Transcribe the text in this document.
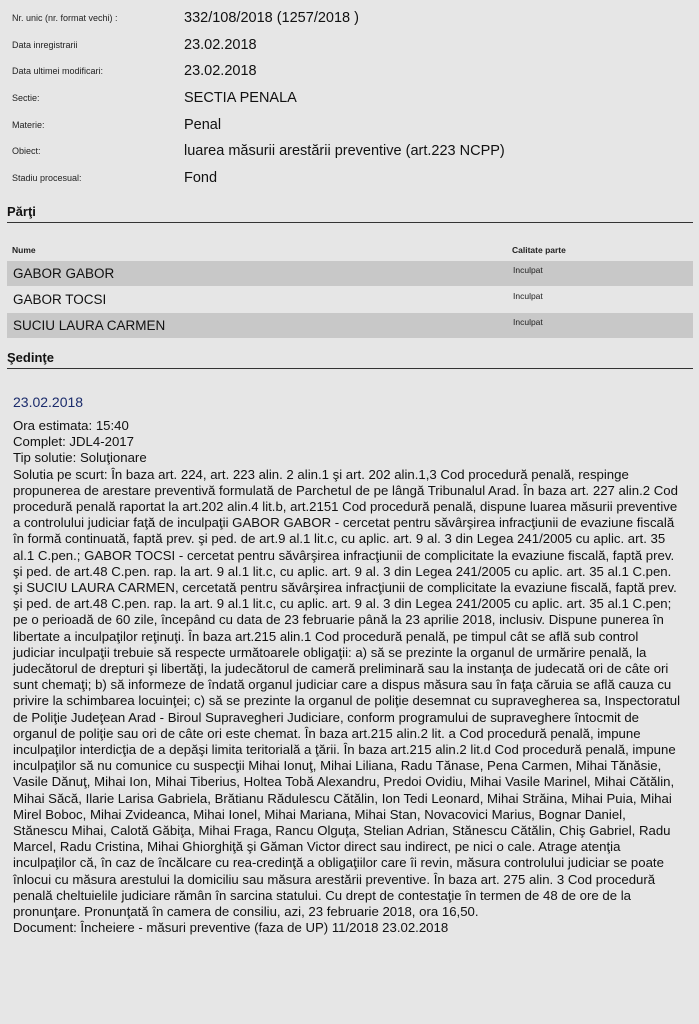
Nr. unic (nr. format vechi) :	332/108/2018 (1257/2018 )
Data inregistrarii	23.02.2018
Data ultimei modificari:	23.02.2018
Sectie:	SECTIA PENALA
Materie:	Penal
Obiect:	luarea măsurii arestării preventive (art.223 NCPP)
Stadiu procesual:	Fond
Părţi
Nume	Calitate parte
GABOR GABOR	Inculpat
GABOR TOCSI	Inculpat
SUCIU LAURA CARMEN	Inculpat
Şedinţe
23.02.2018

Ora estimata: 15:40

Complet: JDL4-2017

Tip solutie: Soluţionare

Solutia pe scurt: În baza art. 224, art. 223 alin. 2 alin.1 şi art. 202 alin.1,3 Cod procedură penală, respinge propunerea de arestare preventivă formulată de Parchetul de pe lângă Tribunalul Arad. În baza art. 227 alin.2 Cod procedură penală raportat la art.202 alin.4 lit.b, art.2151 Cod procedură penală, dispune luarea măsurii preventive a controlului judiciar faţă de inculpaţii GABOR GABOR - cercetat pentru săvârşirea infracţiunii de evaziune fiscală în formă continuată, faptă prev. şi ped. de art.9 al.1 lit.c, cu aplic. art. 9 al. 3 din Legea 241/2005 cu aplic. art. 35 al.1 C.pen.; GABOR TOCSI - cercetat pentru săvârşirea infracţiunii de complicitate la evaziune fiscală, faptă prev. şi ped. de art.48 C.pen. rap. la art. 9 al.1 lit.c, cu aplic. art. 9 al. 3 din Legea 241/2005 cu aplic. art. 35 al.1 C.pen. şi SUCIU LAURA CARMEN, cercetată pentru săvârşirea infracţiunii de complicitate la evaziune fiscală, faptă prev. şi ped. de art.48 C.pen. rap. la art. 9 al.1 lit.c, cu aplic. art. 9 al. 3 din Legea 241/2005 cu aplic. art. 35 al.1 C.pen; pe o perioadă de 60 zile, începând cu data de 23 februarie până la 23 aprilie 2018, inclusiv. Dispune punerea în libertate a inculpaţilor reţinuţi. În baza art.215 alin.1 Cod procedură penală, pe timpul cât se află sub control judiciar inculpaţii trebuie să respecte următoarele obligaţii: a) să se prezinte la organul de urmărire penală, la judecătorul de drepturi şi libertăţi, la judecătorul de cameră preliminară sau la instanţa de judecată ori de câte ori sunt chemaţi; b) să informeze de îndată organul judiciar care a dispus măsura sau în faţa căruia se află cauza cu privire la schimbarea locuinţei; c) să se prezinte la organul de poliţie desemnat cu supravegherea sa, Inspectoratul de Poliţie Judeţean Arad - Biroul Supravegheri Judiciare, conform programului de supraveghere întocmit de organul de poliţie sau ori de câte ori este chemat. În baza art.215 alin.2 lit. a Cod procedură penală, impune inculpaţilor interdicţia de a depăşi limita teritorială a ţării. În baza art.215 alin.2 lit.d Cod procedură penală, impune inculpaţilor să nu comunice cu suspecţii Mihai Ionuţ, Mihai Liliana, Radu Tănase, Pena Carmen, Mihai Tănăsie, Vasile Dănuţ, Mihai Ion, Mihai Tiberius, Holtea Tobă Alexandru, Predoi Ovidiu, Mihai Vasile Marinel, Mihai Cătălin, Mihai Săcă, Ilarie Larisa Gabriela, Brătianu Rădulescu Cătălin, Ion Tedi Leonard, Mihai Străina, Mihai Puia, Mihai Mirel Boboc, Mihai Zvideanca, Mihai Ionel, Mihai Mariana, Mihai Stan, Novacovici Marius, Bognar Daniel, Stănescu Mihai, Calotă Găbiţa, Mihai Fraga, Rancu Olguţa, Stelian Adrian, Stănescu Cătălin, Chiş Gabriel, Radu Marcel, Radu Cristina, Mihai Ghiorghiţă şi Găman Victor direct sau indirect, pe nici o cale. Atrage atenţia inculpaţilor că, în caz de încălcare cu rea-credinţă a obligaţiilor care îi revin, măsura controlului judiciar se poate înlocui cu măsura arestului la domiciliu sau măsura arestării preventive. În baza art. 275 alin. 3 Cod procedură penală cheltuielile judiciare rămân în sarcina statului. Cu drept de contestaţie în termen de 48 de ore de la pronunţare. Pronunţată în camera de consiliu, azi, 23 februarie 2018, ora 16,50.

Document: Încheiere - măsuri preventive (faza de UP) 11/2018 23.02.2018
